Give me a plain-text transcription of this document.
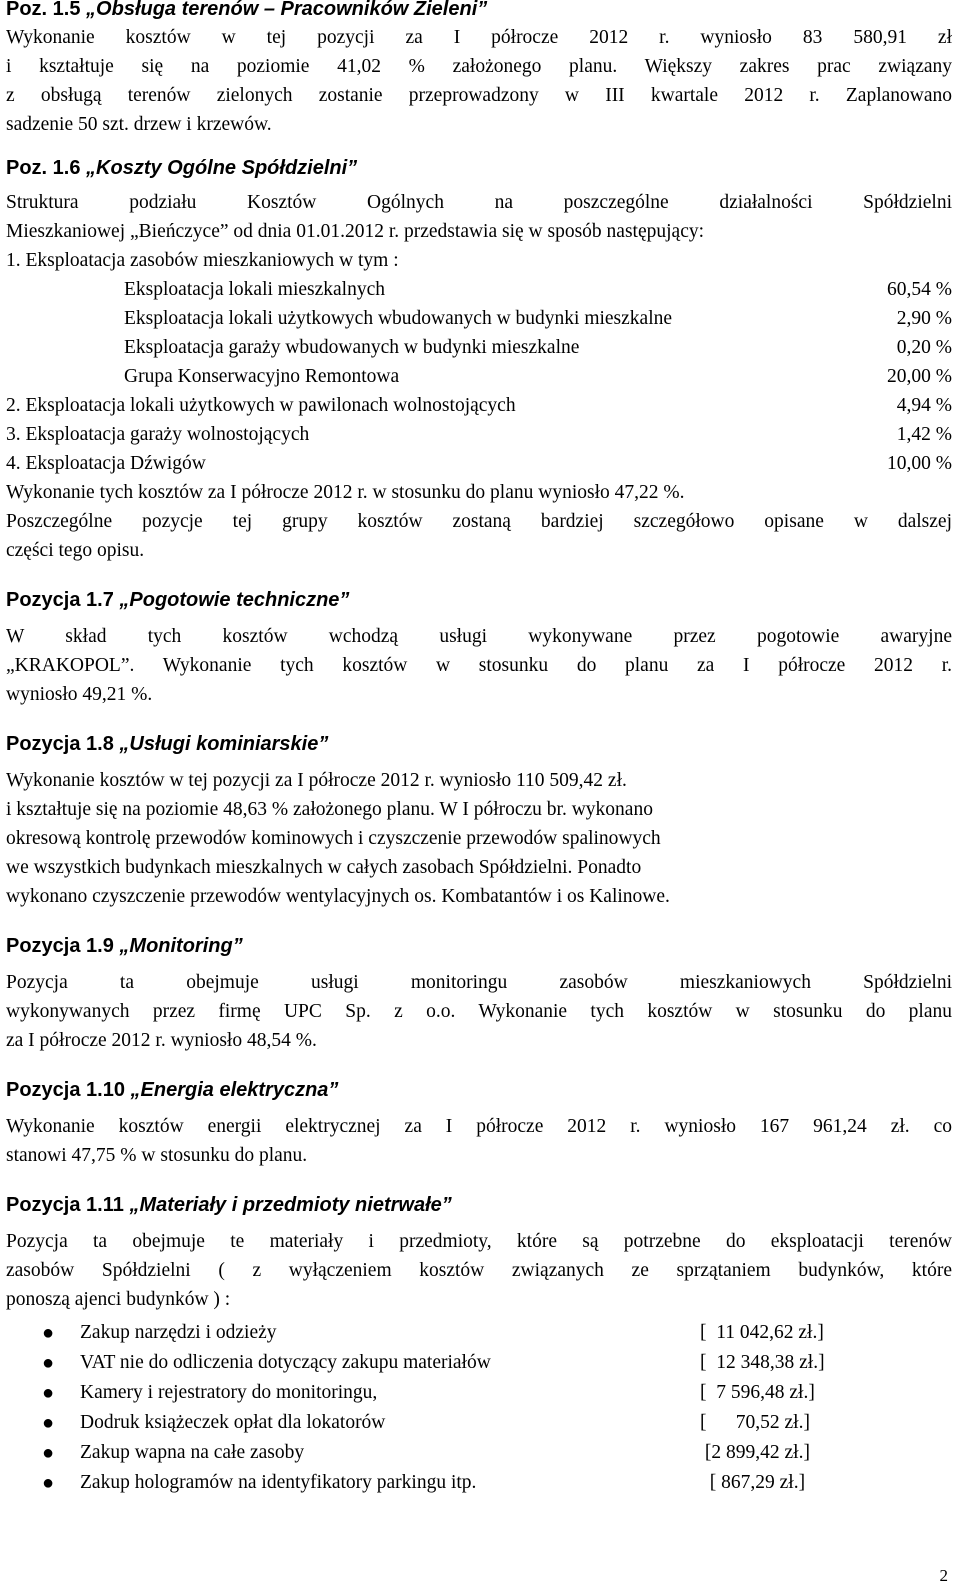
Poz. 1.5 „Obsługa terenów – Pracowników Zieleni”

Wykonanie kosztów w tej pozycji za I półrocze 2012 r. wyniosło 83 580,91 zł

i kształtuje się na poziomie 41,02 % założonego planu. Większy zakres prac związany

z obsługą terenów zielonych zostanie przeprowadzony w III kwartale 2012 r. Zaplanowano

sadzenie 50 szt. drzew i krzewów.

Poz. 1.6 „Koszty Ogólne Spółdzielni”

Struktura podziału Kosztów Ogólnych na poszczególne działalności Spółdzielni

Mieszkaniowej „Bieńczyce” od dnia 01.01.2012 r. przedstawia się w sposób następujący:

1. Eksploatacja zasobów mieszkaniowych w tym :

Eksploatacja lokali mieszkalnych	60,54 %
Eksploatacja lokali użytkowych wbudowanych w budynki mieszkalne	2,90 %
Eksploatacja garaży wbudowanych w budynki mieszkalne	0,20 %
Grupa Konserwacyjno Remontowa	20,00 %
2. Eksploatacja lokali użytkowych w pawilonach wolnostojących	4,94 %
3. Eksploatacja garaży wolnostojących	1,42 %
4. Eksploatacja Dźwigów	10,00 %

Wykonanie tych kosztów za I półrocze 2012 r. w stosunku do planu wyniosło 47,22 %.

Poszczególne pozycje tej grupy kosztów zostaną bardziej szczegółowo opisane w dalszej

części tego opisu.

Pozycja 1.7 „Pogotowie techniczne”

W skład tych kosztów wchodzą usługi wykonywane przez pogotowie awaryjne

„KRAKOPOL”. Wykonanie tych kosztów w stosunku do planu za I półrocze 2012 r.

wyniosło 49,21 %.

Pozycja 1.8 „Usługi kominiarskie”

Wykonanie kosztów w tej pozycji za I półrocze 2012 r. wyniosło 110 509,42 zł.

i kształtuje się na poziomie 48,63 % założonego planu. W I półroczu br. wykonano

okresową kontrolę przewodów kominowych i czyszczenie przewodów spalinowych

we wszystkich budynkach mieszkalnych w całych zasobach Spółdzielni. Ponadto

wykonano czyszczenie przewodów wentylacyjnych os. Kombatantów i os Kalinowe.

Pozycja 1.9 „Monitoring”

Pozycja ta obejmuje usługi monitoringu zasobów mieszkaniowych Spółdzielni

wykonywanych przez firmę UPC Sp. z o.o. Wykonanie tych kosztów w stosunku do planu

za I półrocze 2012 r. wyniosło 48,54 %.

Pozycja 1.10 „Energia elektryczna”

Wykonanie kosztów energii elektrycznej za I półrocze 2012 r. wyniosło 167 961,24 zł. co

stanowi 47,75 % w stosunku do planu.

Pozycja 1.11 „Materiały i przedmioty nietrwałe”

Pozycja ta obejmuje te materiały i przedmioty, które są potrzebne do eksploatacji terenów

zasobów Spółdzielni ( z wyłączeniem kosztów związanych ze sprzątaniem budynków, które

ponoszą ajenci budynków ) :

● Zakup narzędzi i odzieży	[  11 042,62 zł.]
● VAT nie do odliczenia dotyczący zakupu materiałów	[  12 348,38 zł.]
● Kamery i rejestratory do monitoringu,	[  7 596,48 zł.]
● Dodruk książeczek opłat dla lokatorów	[      70,52 zł.]
● Zakup wapna na całe zasoby	[2 899,42 zł.]
● Zakup hologramów na identyfikatory parkingu itp.	[ 867,29 zł.]
2
